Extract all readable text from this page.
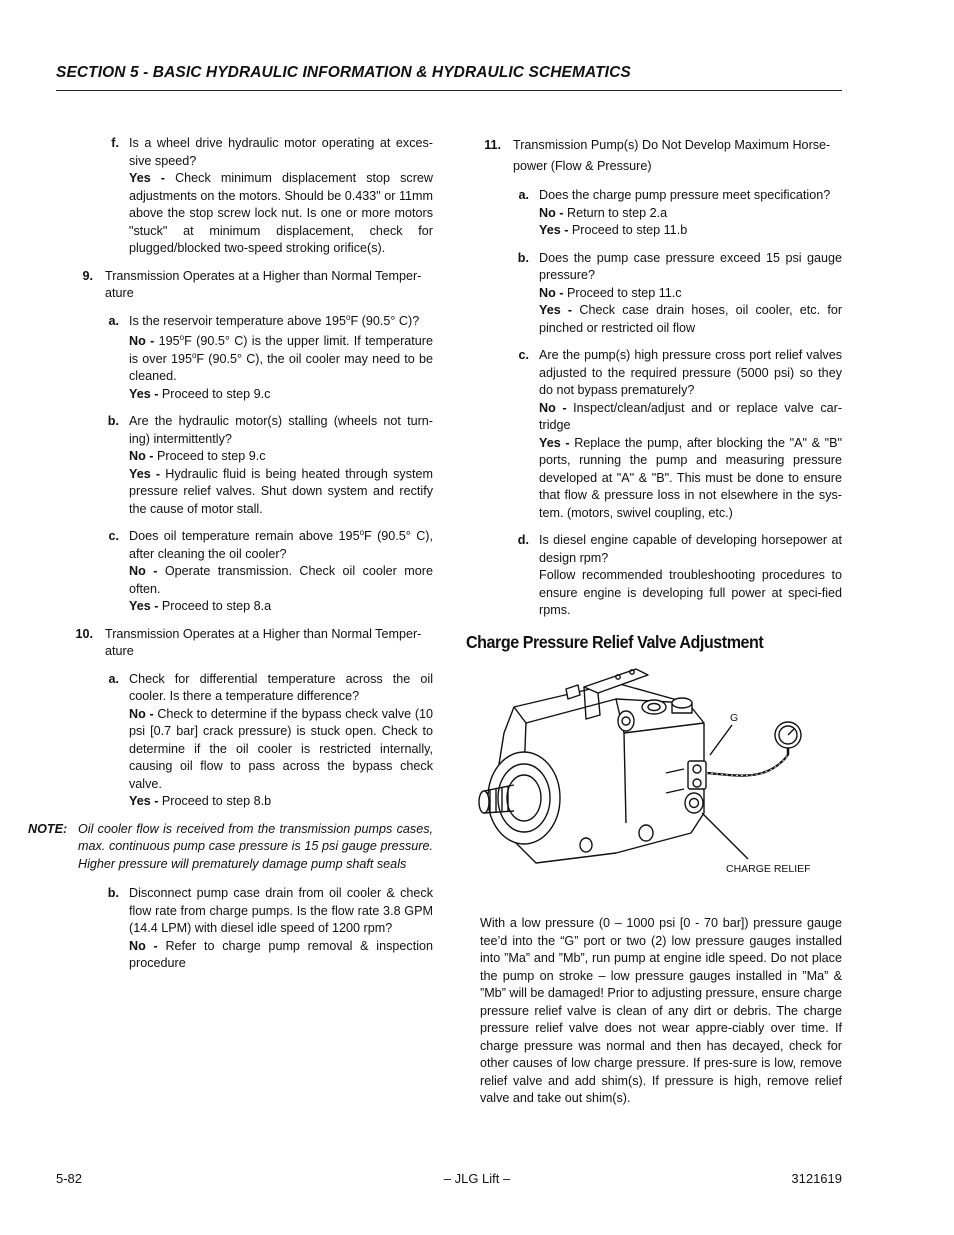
SECTION 5 - BASIC HYDRAULIC INFORMATION & HYDRAULIC SCHEMATICS
f. Is a wheel drive hydraulic motor operating at exces-sive speed?

Yes - Check minimum displacement stop screw adjustments on the motors. Should be 0.433" or 11mm above the stop screw lock nut. Is one or more motors "stuck" at minimum displacement, check for plugged/blocked two-speed stroking orifice(s).

9. Transmission Operates at a Higher than Normal Temper-ature
a. Is the reservoir temperature above 195$^o$F (90.5° C)?

No - 195$^o$F (90.5° C) is the upper limit. If temperature is over 195$^o$F (90.5° C), the oil cooler may need to be cleaned.

Yes - Proceed to step 9.c

b. Are the hydraulic motor(s) stalling (wheels not turn-ing) intermittently?

No - Proceed to step 9.c

Yes - Hydraulic fluid is being heated through system pressure relief valves. Shut down system and rectify the cause of motor stall.

c. Does oil temperature remain above 195$^o$F (90.5° C), after cleaning the oil cooler?

No - Operate transmission. Check oil cooler more often.

Yes - Proceed to step 8.a

10. Transmission Operates at a Higher than Normal Temper-ature
a. Check for differential temperature across the oil cooler. Is there a temperature difference?

No - Check to determine if the bypass check valve (10 psi [0.7 bar] crack pressure) is stuck open. Check to determine if the oil cooler is restricted internally, causing oil flow to pass across the bypass check valve.

Yes - Proceed to step 8.b

NOTE: Oil cooler flow is received from the transmission pumps cases, max. continuous pump case pressure is 15 psi gauge pressure. Higher pressure will prematurely damage pump shaft seals
b. Disconnect pump case drain from oil cooler & check flow rate from charge pumps. Is the flow rate 3.8 GPM (14.4 LPM) with diesel idle speed of 1200 rpm?

No - Refer to charge pump removal & inspection procedure

11. Transmission Pump(s) Do Not Develop Maximum Horse-power (Flow & Pressure)
a. Does the charge pump pressure meet specification?

No - Return to step 2.a

Yes - Proceed to step 11.b

b. Does the pump case pressure exceed 15 psi gauge pressure?

No - Proceed to step 11.c

Yes - Check case drain hoses, oil cooler, etc. for pinched or restricted oil flow

c. Are the pump(s) high pressure cross port relief valves adjusted to the required pressure (5000 psi) so they do not bypass prematurely?

No - Inspect/clean/adjust and or replace valve car-tridge

Yes - Replace the pump, after blocking the "A" & "B" ports, running the pump and measuring pressure developed at "A" & "B". This must be done to ensure that flow & pressure loss in not elsewhere in the sys-tem. (motors, swivel coupling, etc.)

d. Is diesel engine capable of developing horsepower at design rpm?

Follow recommended troubleshooting procedures to ensure engine is developing full power at speci-fied rpms.

Charge Pressure Relief Valve Adjustment
G
CHARGE RELIEF
With a low pressure (0 – 1000 psi [0 - 70 bar]) pressure gauge tee’d into the “G” port or two (2) low pressure gauges installed into ”Ma” and ”Mb”, run pump at engine idle speed. Do not place the pump on stroke – low pressure gauges installed in ”Ma” & ”Mb” will be damaged! Prior to adjusting pressure, ensure charge pressure relief valve is clean of any dirt or debris. The charge pressure relief valve does not wear appre-ciably over time. If charge pressure was normal and then has decayed, check for other causes of low charge pressure. If pres-sure is low, remove relief valve and add shim(s). If pressure is high, remove relief valve and take out shim(s).
5-82	– JLG Lift –	3121619
